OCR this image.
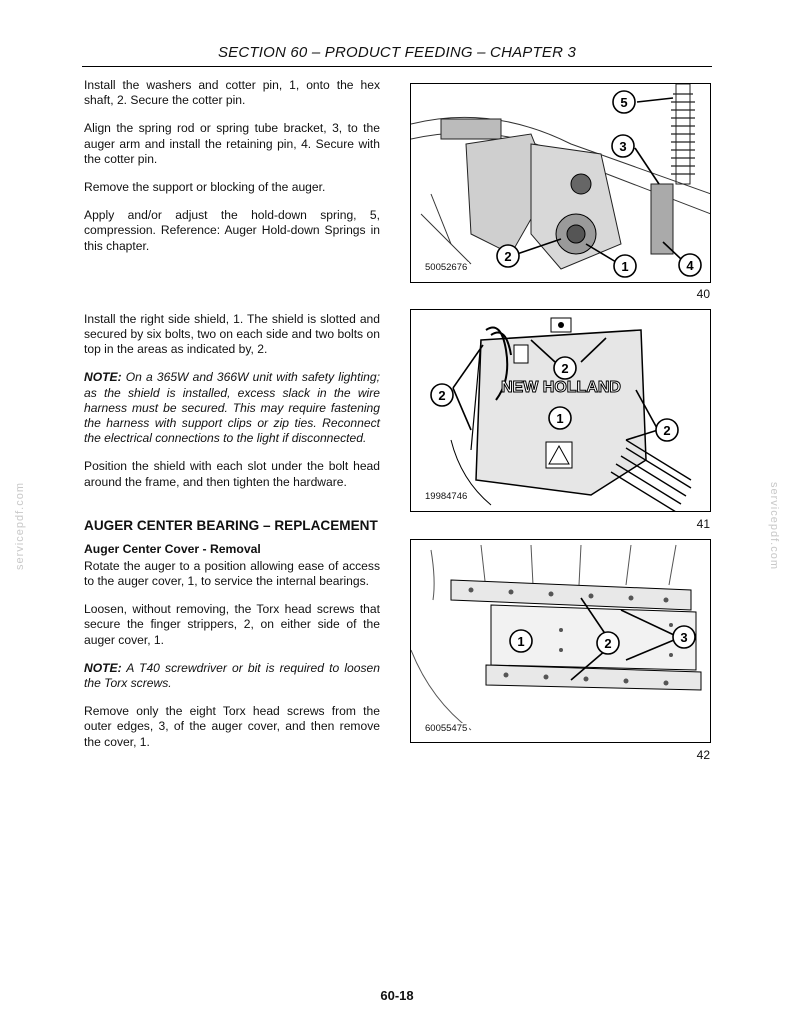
SECTION 60 – PRODUCT FEEDING – CHAPTER 3
servicepdf.com	servicepdf.com

Install the washers and cotter pin, 1, onto the hex shaft, 2. Secure the cotter pin.

Align the spring rod or spring tube bracket, 3, to the auger arm and install the retaining pin, 4. Secure with the cotter pin.

Remove the support or blocking of the auger.

Apply and/or adjust the hold-down spring, 5, compression. Reference: Auger Hold-down Springs in this chapter.

Install the right side shield, 1. The shield is slotted and secured by six bolts, two on each side and two bolts on top in the areas as indicated by, 2.

NOTE: On a 365W and 366W unit with safety lighting; as the shield is installed, excess slack in the wire harness must be secured. This may require fastening the harness with support clips or zip ties. Reconnect the electrical connections to the light if disconnected.

Position the shield with each slot under the bolt head around the frame, and then tighten the hardware.

AUGER CENTER BEARING – REPLACEMENT
Auger Center Cover - Removal

Rotate the auger to a position allowing ease of access to the auger cover, 1, to service the internal bearings.

Loosen, without removing, the Torx head screws that secure the finger strippers, 2, on either side of the auger cover, 1.

NOTE: A T40 screwdriver or bit is required to loosen the Torx screws.

Remove only the eight Torx head screws from the outer edges, 3, of the auger cover, and then remove the cover, 1.

5
3
2
1	4
50052676
40
NEW HOLLAND
2
2
2
1
19984746
41
1	2	3
60055475
42
60-18
